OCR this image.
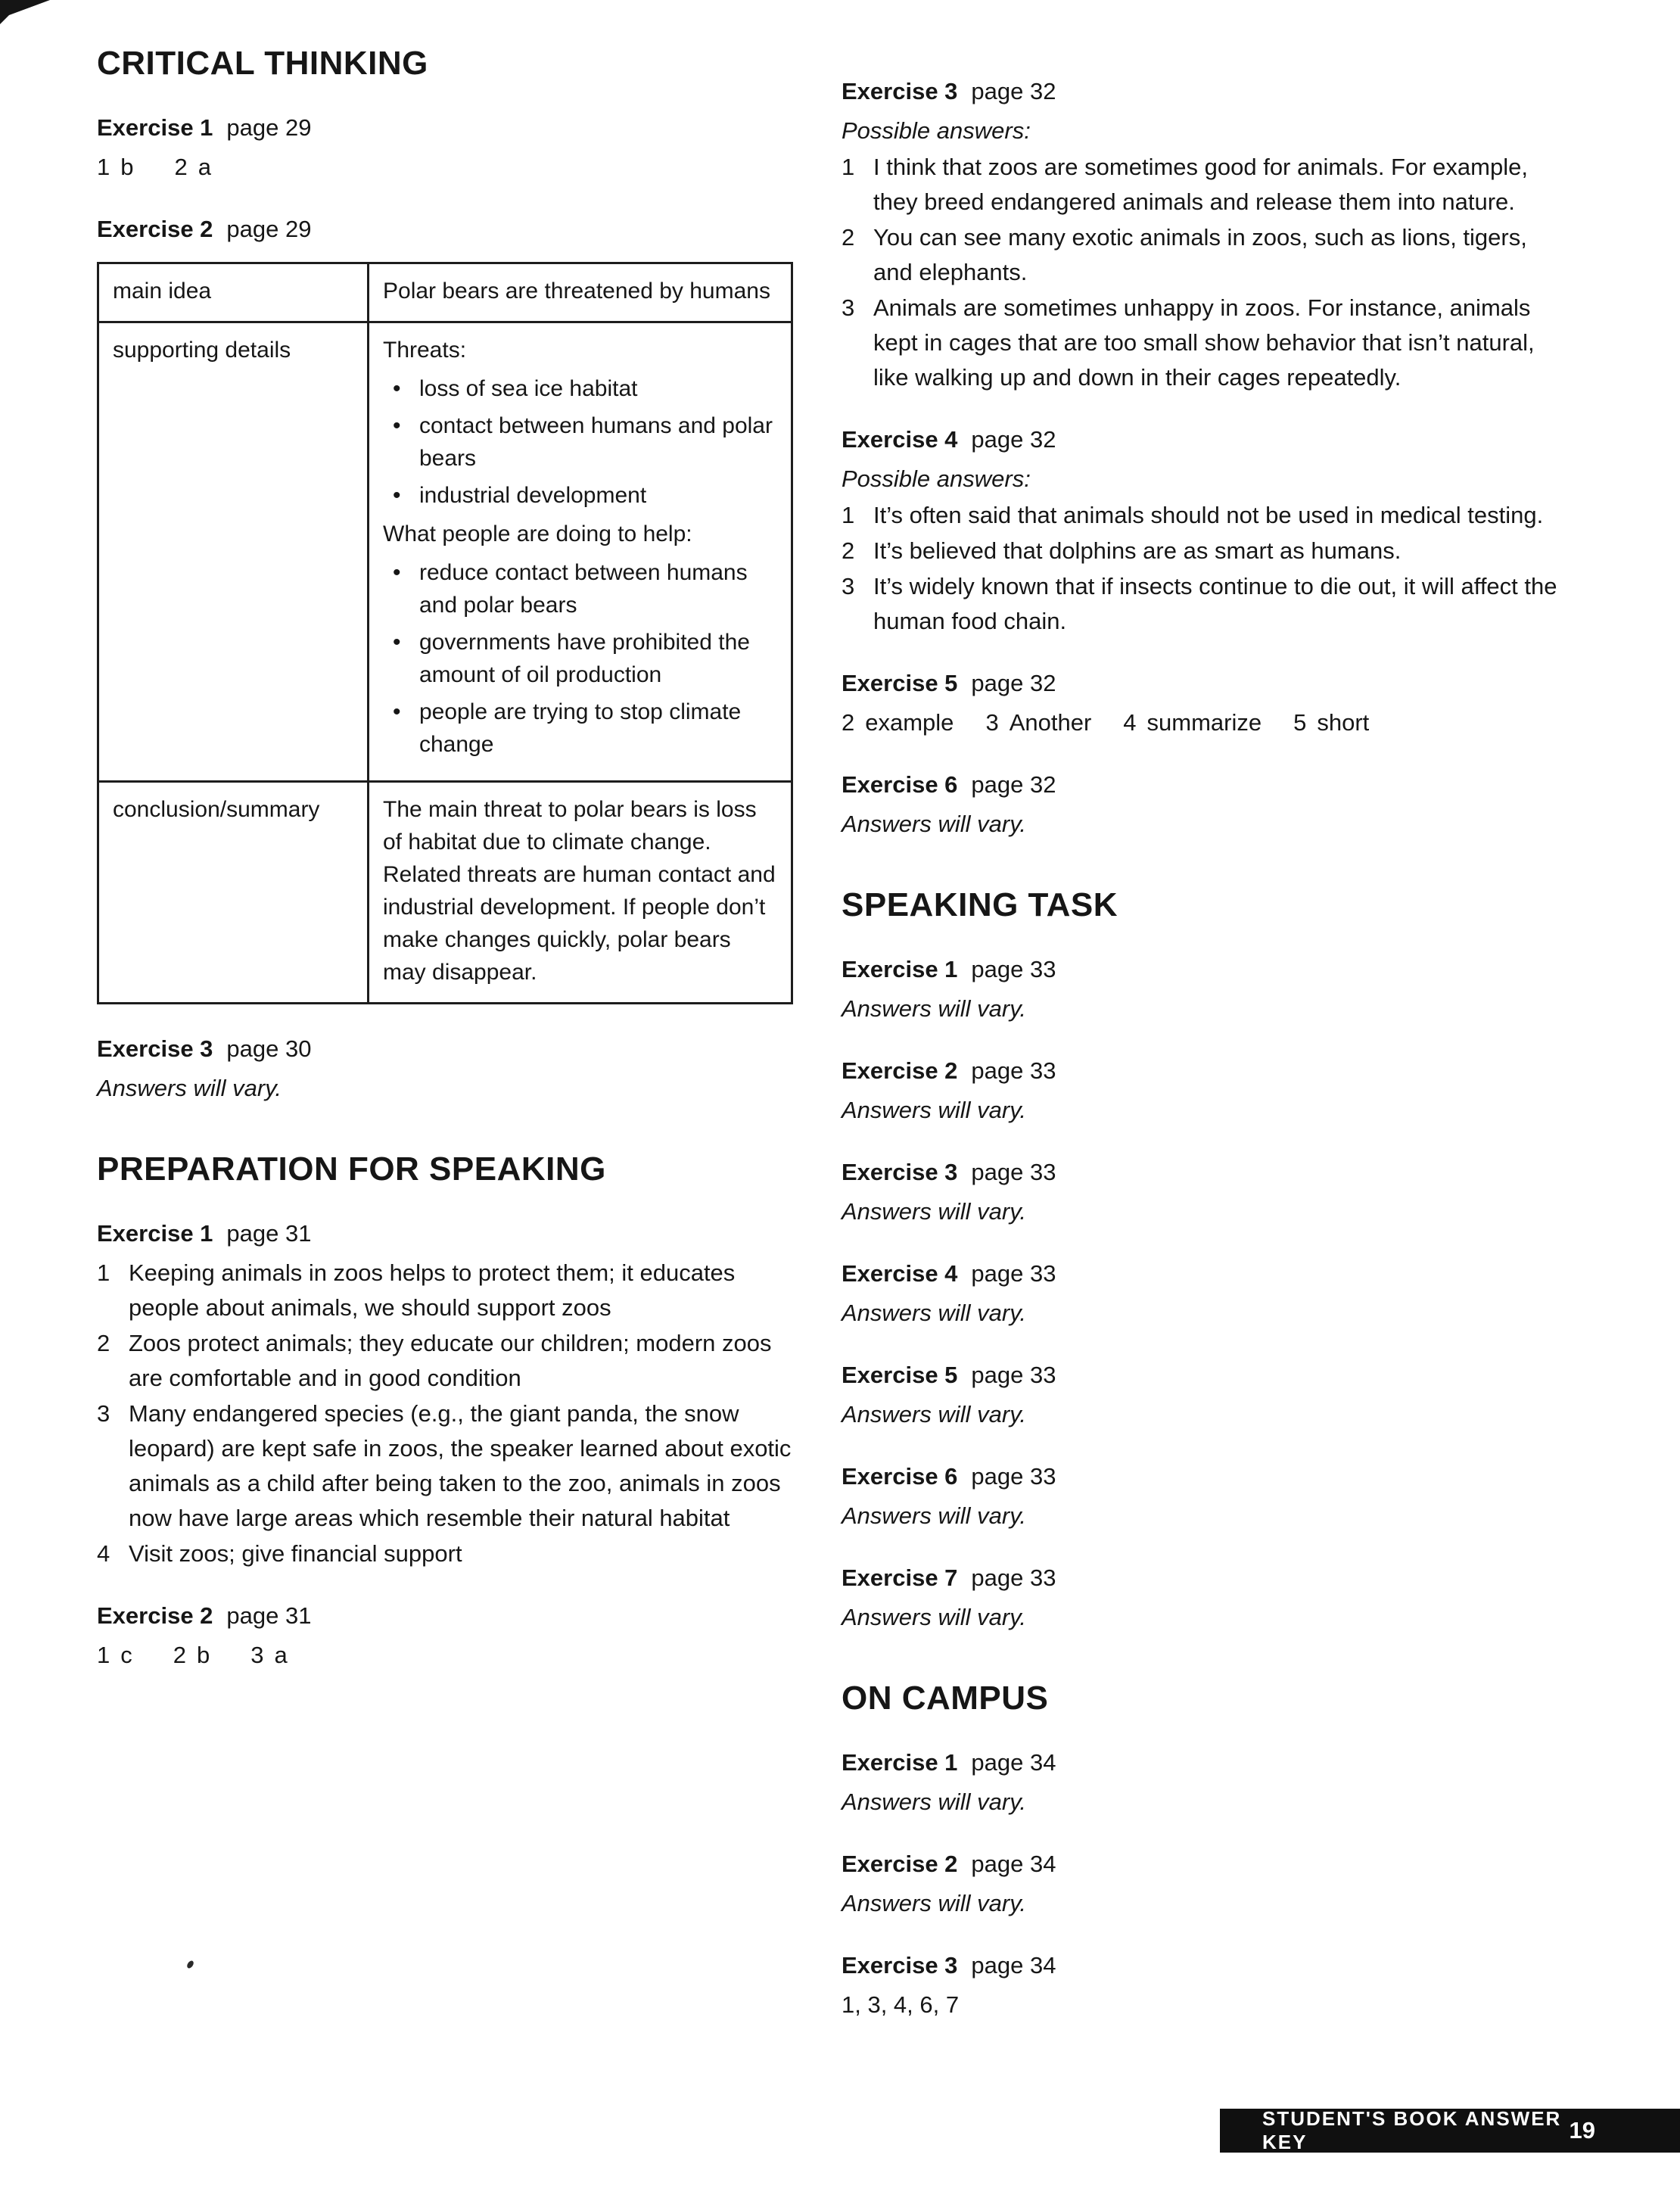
CRITICAL THINKING
Exercise 1 page 29
1 b 2 a
Exercise 2 page 29
main idea	Polar bears are threatened by humans

supporting details	Threats:

• loss of sea ice habitat
• contact between humans and polar bears
• industrial development

What people are doing to help:

• reduce contact between humans and polar bears
• governments have prohibited the amount of oil production
• people are trying to stop climate change

conclusion/summary	The main threat to polar bears is loss of habitat due to climate change. Related threats are human contact and industrial development. If people don’t make changes quickly, polar bears may disappear.

Exercise 3 page 30

Answers will vary.

PREPARATION FOR SPEAKING
Exercise 1 page 31
1 Keeping animals in zoos helps to protect them; it educates people about animals, we should support zoos
2 Zoos protect animals; they educate our children; modern zoos are comfortable and in good condition
3 Many endangered species (e.g., the giant panda, the snow leopard) are kept safe in zoos, the speaker learned about exotic animals as a child after being taken to the zoo, animals in zoos now have large areas which resemble their natural habitat
4 Visit zoos; give financial support
Exercise 2 page 31
1 c 2 b 3 a
Exercise 3 page 32

Possible answers:

1 I think that zoos are sometimes good for animals. For example, they breed endangered animals and release them into nature.
2 You can see many exotic animals in zoos, such as lions, tigers, and elephants.
3 Animals are sometimes unhappy in zoos. For instance, animals kept in cages that are too small show behavior that isn’t natural, like walking up and down in their cages repeatedly.
Exercise 4 page 32

Possible answers:

1 It’s often said that animals should not be used in medical testing.
2 It’s believed that dolphins are as smart as humans.
3 It’s widely known that if insects continue to die out, it will affect the human food chain.
Exercise 5 page 32
2 example 3 Another 4 summarize 5 short
Exercise 6 page 32

Answers will vary.

SPEAKING TASK
Exercise 1 page 33

Answers will vary.

Exercise 2 page 33

Answers will vary.

Exercise 3 page 33

Answers will vary.

Exercise 4 page 33

Answers will vary.

Exercise 5 page 33

Answers will vary.

Exercise 6 page 33

Answers will vary.

Exercise 7 page 33

Answers will vary.

ON CAMPUS
Exercise 1 page 34

Answers will vary.

Exercise 2 page 34

Answers will vary.

Exercise 3 page 34

1, 3, 4, 6, 7

STUDENT'S BOOK ANSWER KEY	19
